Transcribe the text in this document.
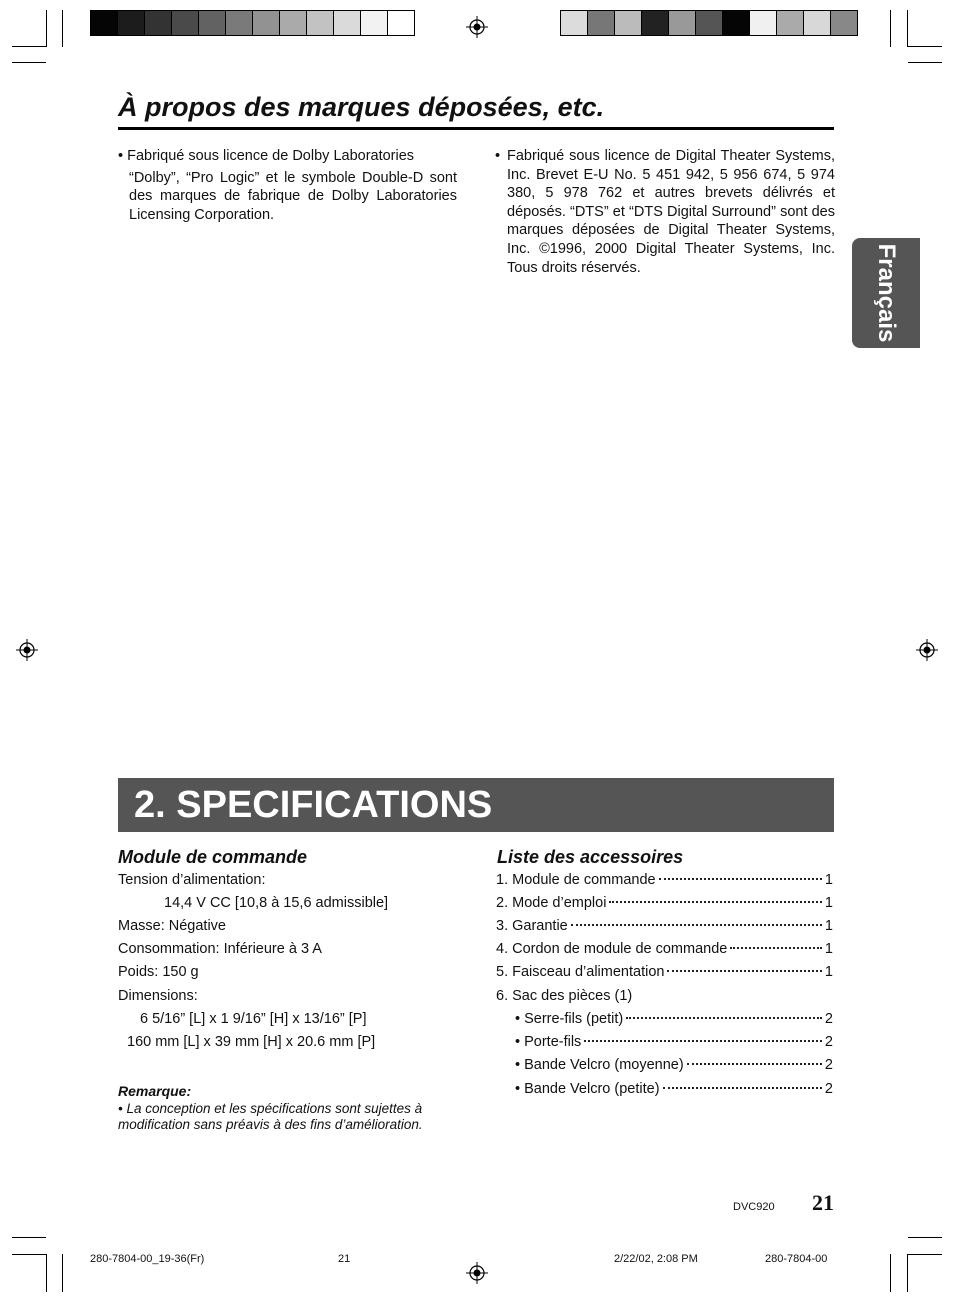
À propos des marques déposées, etc.
• Fabriqué sous licence de Dolby Laboratories
“Dolby”, “Pro Logic” et le symbole Double-D sont des marques de fabrique de Dolby Laboratories Licensing Corporation.
• Fabriqué sous licence de Digital Theater Systems, Inc. Brevet E-U No. 5 451 942, 5 956 674, 5 974 380, 5 978 762 et autres brevets délivrés et déposés. “DTS” et “DTS Digital Surround” sont des marques déposées de Digital Theater Systems, Inc. ©1996, 2000 Digital Theater Systems, Inc. Tous droits réservés.	Français
2. SPECIFICATIONS
Module de commande
Tension d’alimentation:
14,4 V CC [10,8 à 15,6 admissible]
Masse: Négative
Consommation: Inférieure à 3 A
Poids: 150 g
Dimensions:
6 5/16” [L] x 1 9/16” [H] x 13/16” [P]
160 mm [L] x 39 mm [H] x 20.6 mm [P]
Remarque:
• La conception et les spécifications sont sujettes à modification sans préavis à des fins d’amélioration.
Liste des accessoires
1. Module de commande	1
2. Mode d’emploi	1
3. Garantie	1
4. Cordon de module de commande	1
5. Faisceau d’alimentation	1
6. Sac des pièces (1)
• Serre-fils (petit)	2
• Porte-fils	2
• Bande Velcro (moyenne)	2
• Bande Velcro (petite)	2
DVC920 21
280-7804-00_19-36(Fr)	21	2/22/02, 2:08 PM	280-7804-00
